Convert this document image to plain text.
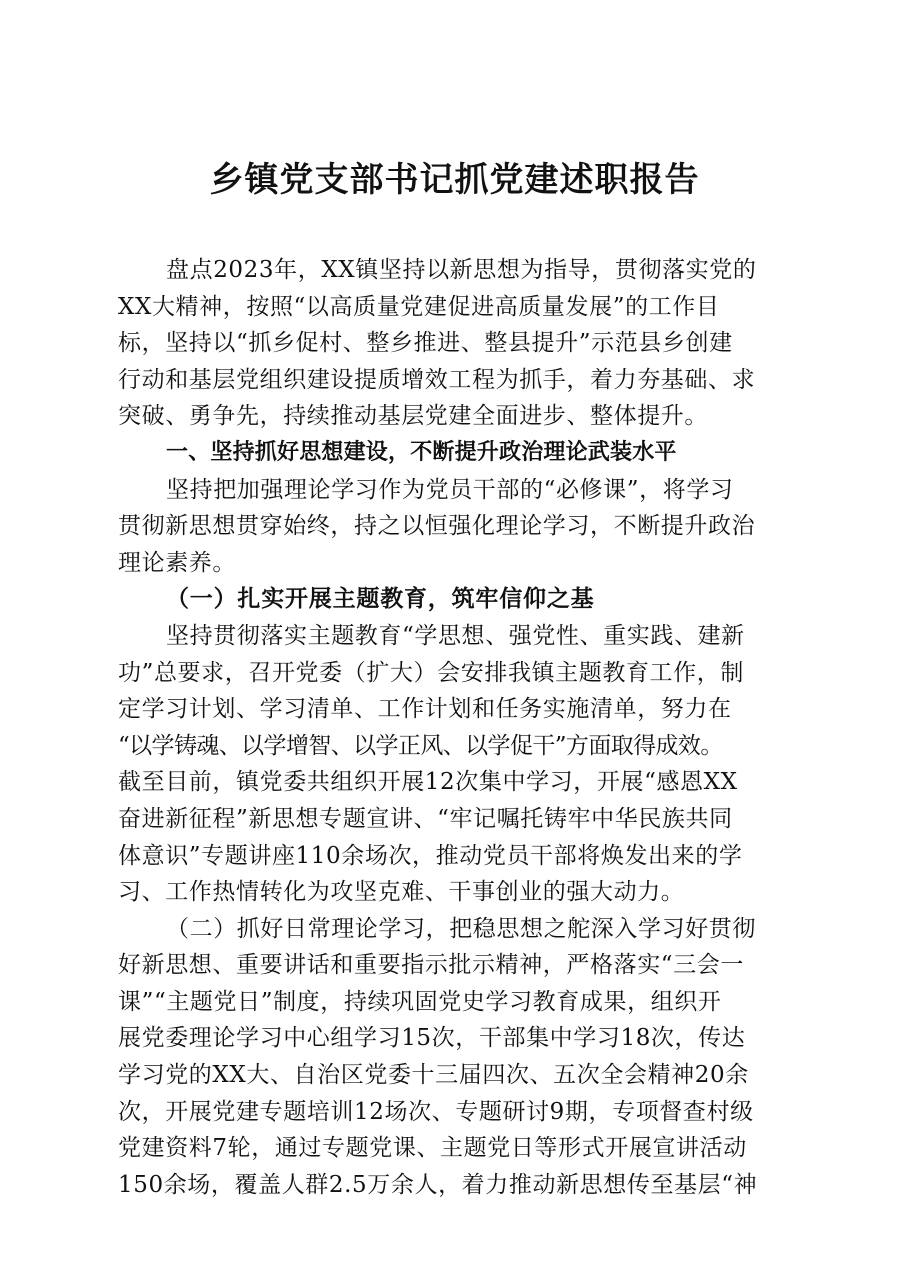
乡镇党支部书记抓党建述职报告
盘点2023年，XX镇坚持以新思想为指导，贯彻落实党的
XX大精神，按照“以高质量党建促进高质量发展”的工作目
标，坚持以“抓乡促村、整乡推进、整县提升”示范县乡创建
行动和基层党组织建设提质增效工程为抓手，着力夯基础、求
突破、勇争先，持续推动基层党建全面进步、整体提升。
一、坚持抓好思想建设，不断提升政治理论武装水平
坚持把加强理论学习作为党员干部的“必修课”，将学习
贯彻新思想贯穿始终，持之以恒强化理论学习，不断提升政治
理论素养。
（一）扎实开展主题教育，筑牢信仰之基
坚持贯彻落实主题教育“学思想、强党性、重实践、建新
功”总要求，召开党委（扩大）会安排我镇主题教育工作，制
定学习计划、学习清单、工作计划和任务实施清单，努力在
“以学铸魂、以学增智、以学正风、以学促干”方面取得成效。
截至目前，镇党委共组织开展12次集中学习，开展“感恩XX
奋进新征程”新思想专题宣讲、“牢记嘱托铸牢中华民族共同
体意识”专题讲座110余场次，推动党员干部将焕发出来的学
习、工作热情转化为攻坚克难、干事创业的强大动力。
（二）抓好日常理论学习，把稳思想之舵深入学习好贯彻
好新思想、重要讲话和重要指示批示精神，严格落实“三会一
课”“主题党日”制度，持续巩固党史学习教育成果，组织开
展党委理论学习中心组学习15次，干部集中学习18次，传达
学习党的XX大、自治区党委十三届四次、五次全会精神20余
次，开展党建专题培训12场次、专题研讨9期，专项督查村级
党建资料7轮，通过专题党课、主题党日等形式开展宣讲活动
150余场，覆盖人群2.5万余人，着力推动新思想传至基层“神
